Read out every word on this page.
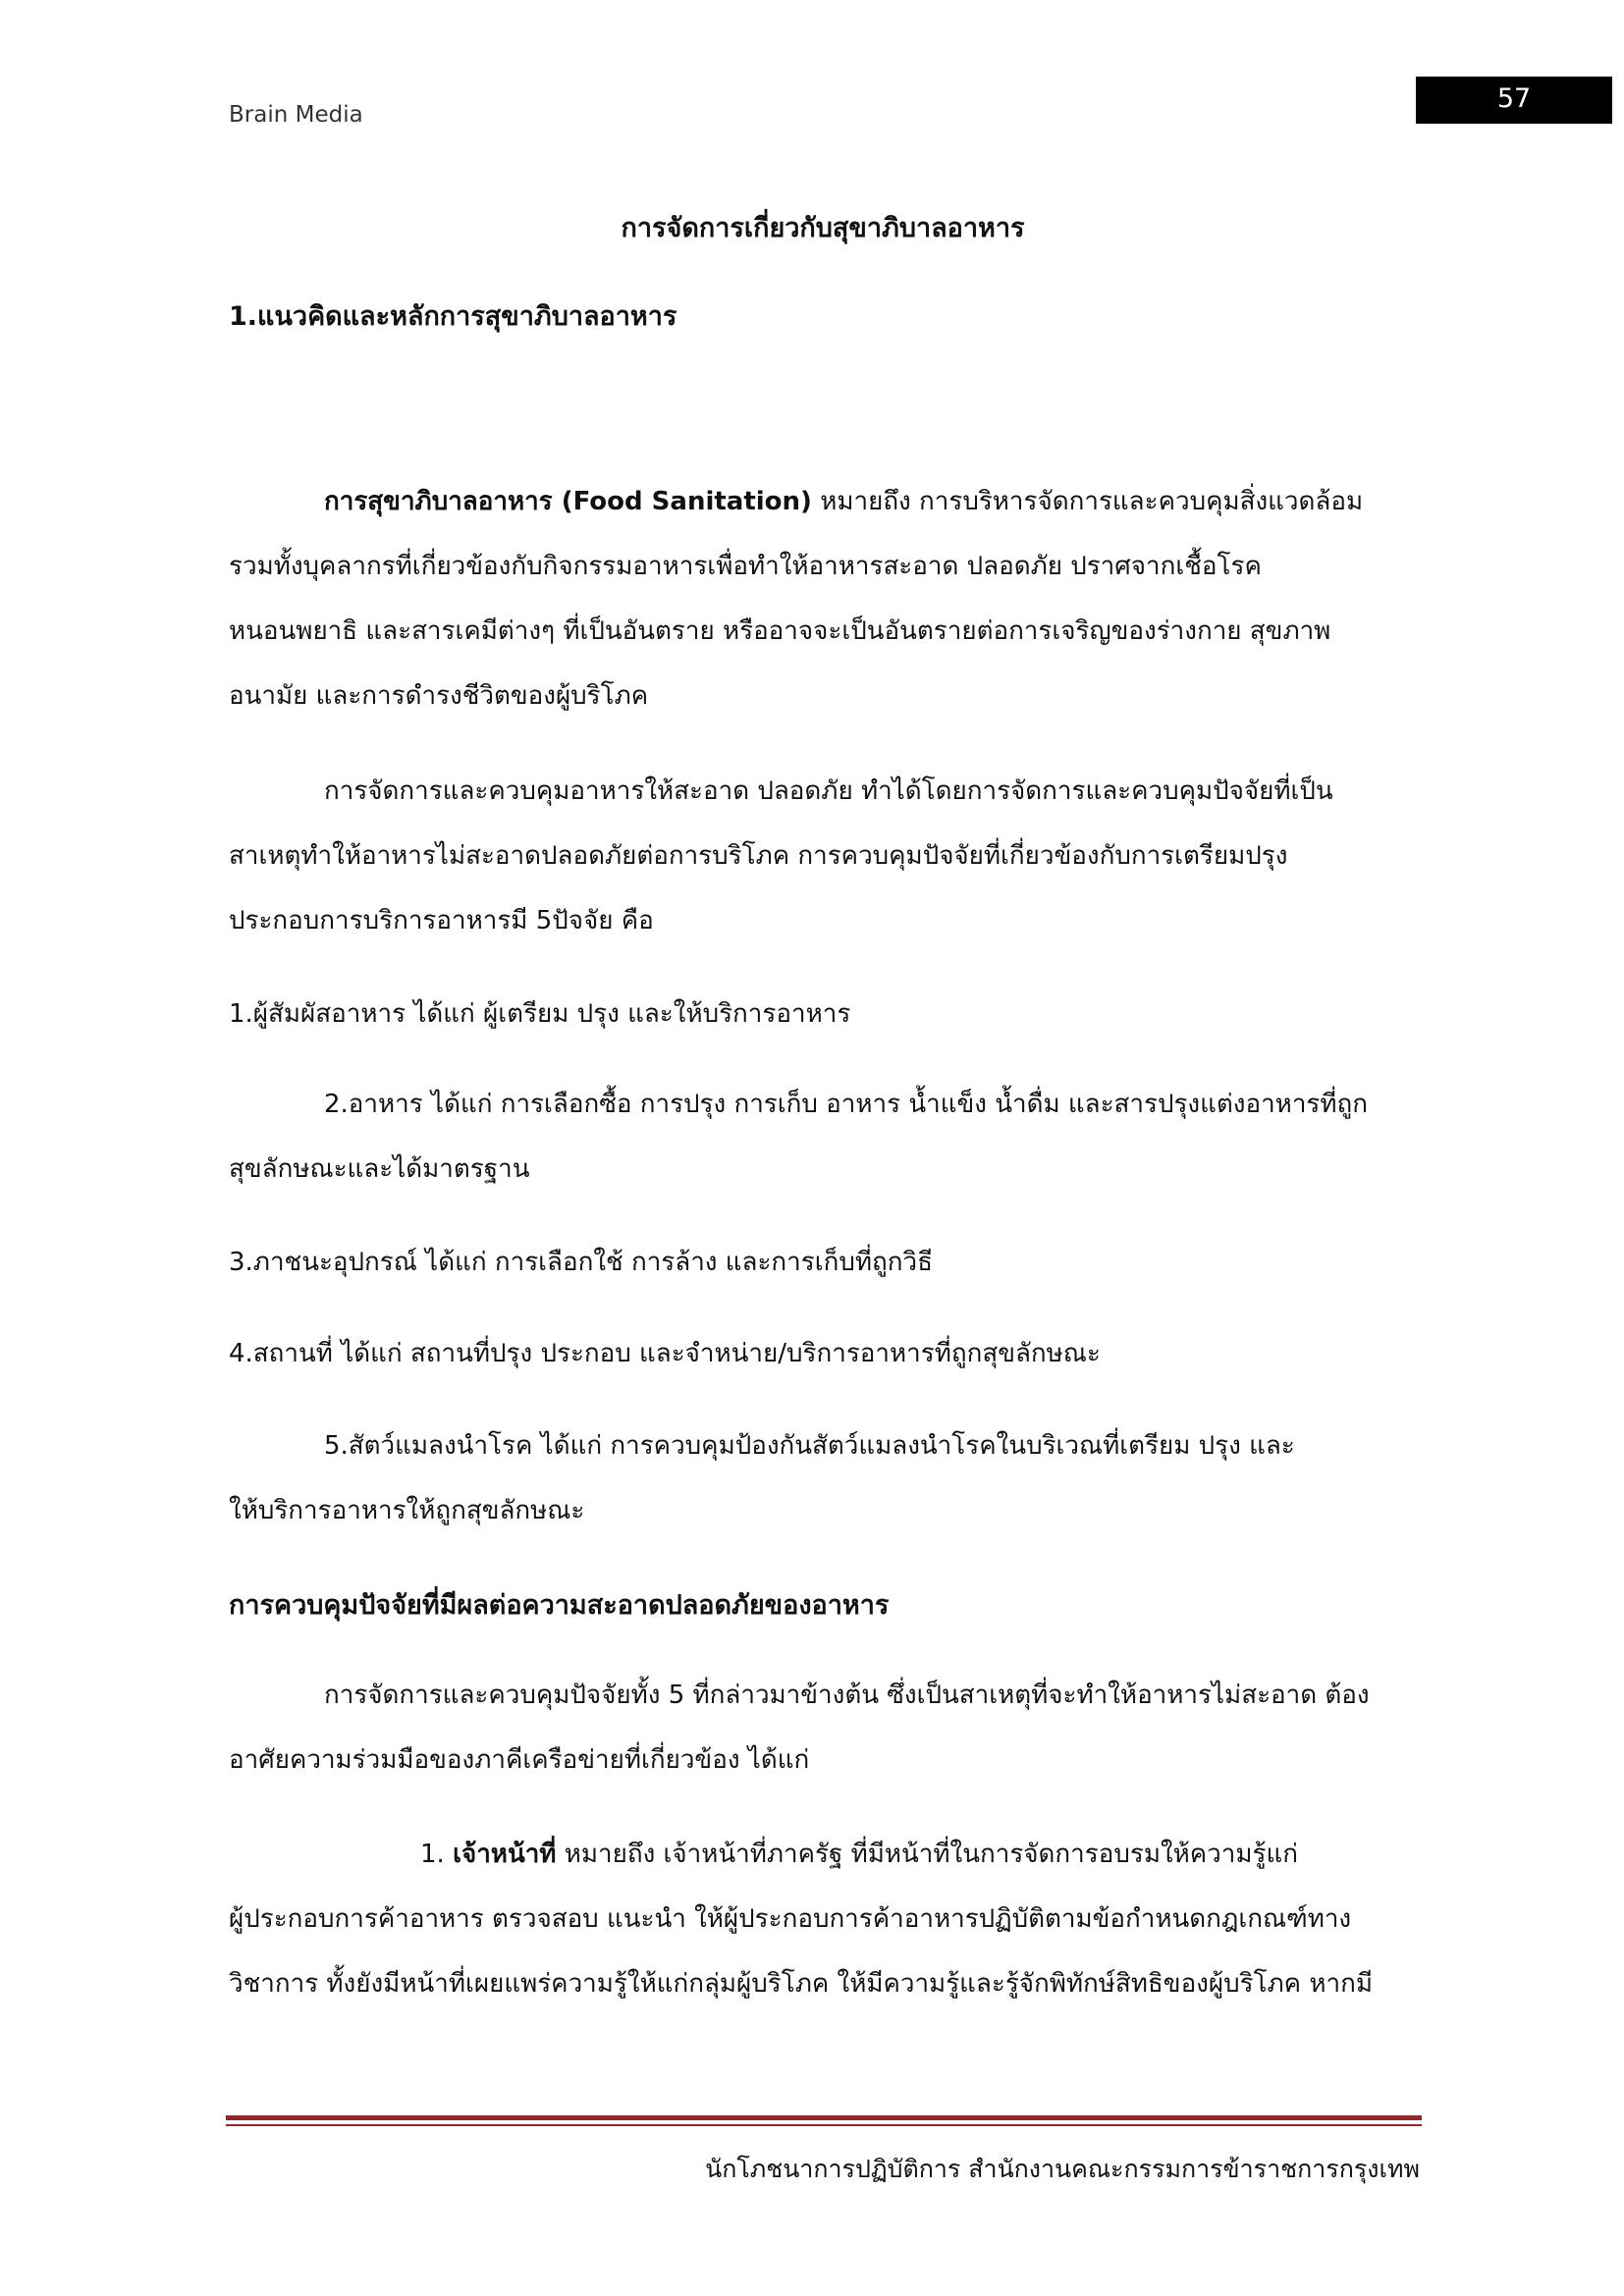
Brain Media
57
การจัดการเกี่ยวกับสุขาภิบาลอาหาร
1.แนวคิดและหลักการสุขาภิบาลอาหาร
การสุขาภิบาลอาหาร (Food Sanitation) หมายถึง การบริหารจัดการและควบคุมสิ่งแวดล้อม
รวมทั้งบุคลากรที่เกี่ยวข้องกับกิจกรรมอาหารเพื่อทำให้อาหารสะอาด ปลอดภัย ปราศจากเชื้อโรค
หนอนพยาธิ และสารเคมีต่างๆ ที่เป็นอันตราย หรืออาจจะเป็นอันตรายต่อการเจริญของร่างกาย สุขภาพ
อนามัย และการดำรงชีวิตของผู้บริโภค
การจัดการและควบคุมอาหารให้สะอาด ปลอดภัย ทำได้โดยการจัดการและควบคุมปัจจัยที่เป็น
สาเหตุทำให้อาหารไม่สะอาดปลอดภัยต่อการบริโภค การควบคุมปัจจัยที่เกี่ยวข้องกับการเตรียมปรุง
ประกอบการบริการอาหารมี 5ปัจจัย คือ
1.ผู้สัมผัสอาหาร ได้แก่ ผู้เตรียม ปรุง และให้บริการอาหาร
2.อาหาร ได้แก่ การเลือกซื้อ การปรุง การเก็บ อาหาร น้ำแข็ง น้ำดื่ม และสารปรุงแต่งอาหารที่ถูก
สุขลักษณะและได้มาตรฐาน
3.ภาชนะอุปกรณ์ ได้แก่ การเลือกใช้ การล้าง และการเก็บที่ถูกวิธี
4.สถานที่ ได้แก่ สถานที่ปรุง ประกอบ และจำหน่าย/บริการอาหารที่ถูกสุขลักษณะ
5.สัตว์แมลงนำโรค ได้แก่ การควบคุมป้องกันสัตว์แมลงนำโรคในบริเวณที่เตรียม ปรุง และ
ให้บริการอาหารให้ถูกสุขลักษณะ
การควบคุมปัจจัยที่มีผลต่อความสะอาดปลอดภัยของอาหาร
การจัดการและควบคุมปัจจัยทั้ง 5 ที่กล่าวมาข้างต้น ซึ่งเป็นสาเหตุที่จะทำให้อาหารไม่สะอาด ต้อง
อาศัยความร่วมมือของภาคีเครือข่ายที่เกี่ยวข้อง ได้แก่
1. เจ้าหน้าที่ หมายถึง เจ้าหน้าที่ภาครัฐ ที่มีหน้าที่ในการจัดการอบรมให้ความรู้แก่
ผู้ประกอบการค้าอาหาร ตรวจสอบ แนะนำ ให้ผู้ประกอบการค้าอาหารปฏิบัติตามข้อกำหนดกฎเกณฑ์ทาง
วิชาการ ทั้งยังมีหน้าที่เผยแพร่ความรู้ให้แก่กลุ่มผู้บริโภค ให้มีความรู้และรู้จักพิทักษ์สิทธิของผู้บริโภค หากมี
นักโภชนาการปฏิบัติการ สำนักงานคณะกรรมการข้าราชการกรุงเทพ
